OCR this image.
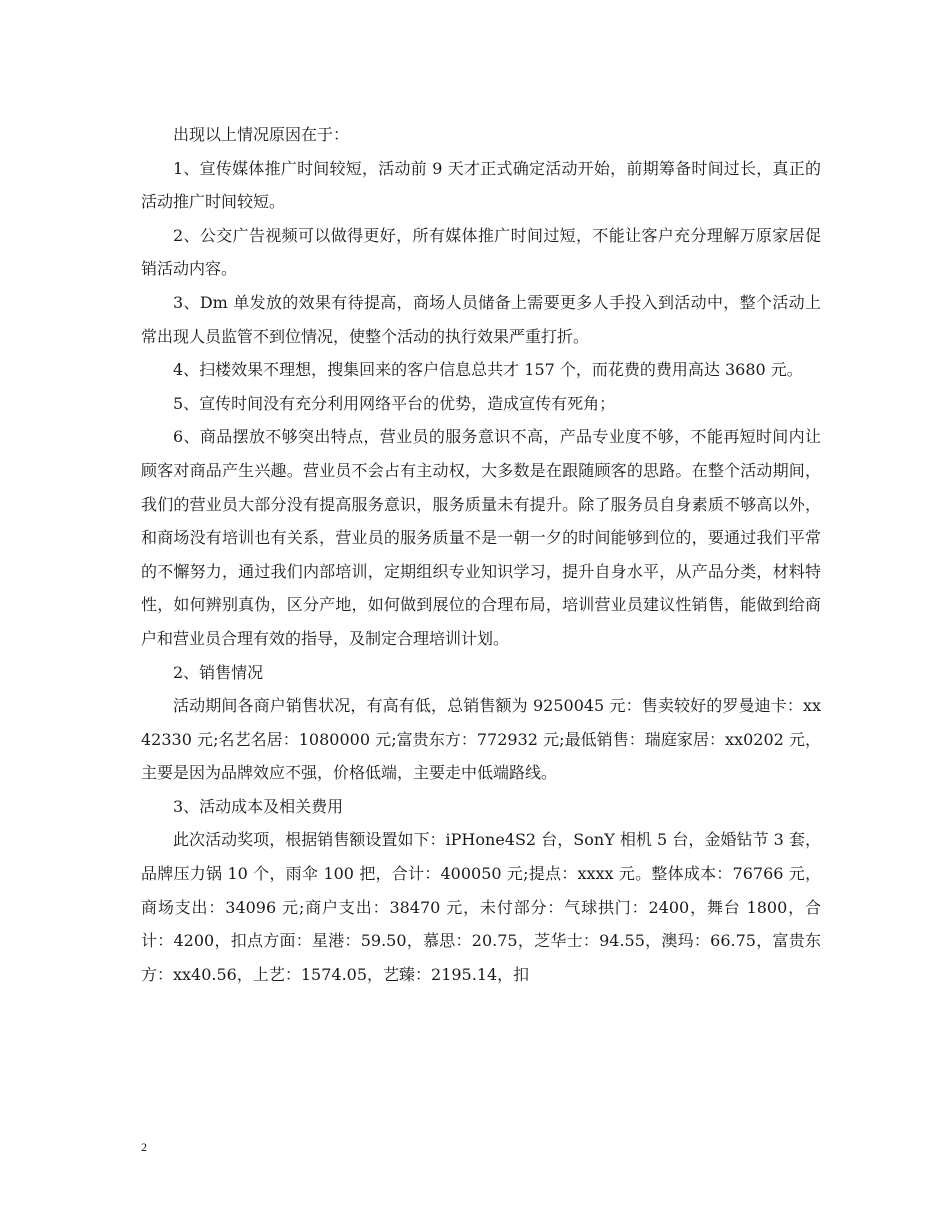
出现以上情况原因在于：

1、宣传媒体推广时间较短，活动前 9 天才正式确定活动开始，前期筹备时间过长，真正的活动推广时间较短。

2、公交广告视频可以做得更好，所有媒体推广时间过短，不能让客户充分理解万原家居促销活动内容。

3、Dm 单发放的效果有待提高，商场人员储备上需要更多人手投入到活动中，整个活动上常出现人员监管不到位情况，使整个活动的执行效果严重打折。

4、扫楼效果不理想，搜集回来的客户信息总共才 157 个，而花费的费用高达 3680 元。

5、宣传时间没有充分利用网络平台的优势，造成宣传有死角；

6、商品摆放不够突出特点，营业员的服务意识不高，产品专业度不够，不能再短时间内让顾客对商品产生兴趣。营业员不会占有主动权，大多数是在跟随顾客的思路。在整个活动期间，我们的营业员大部分没有提高服务意识，服务质量未有提升。除了服务员自身素质不够高以外，和商场没有培训也有关系，营业员的服务质量不是一朝一夕的时间能够到位的，要通过我们平常的不懈努力，通过我们内部培训，定期组织专业知识学习，提升自身水平，从产品分类，材料特性，如何辨别真伪，区分产地，如何做到展位的合理布局，培训营业员建议性销售，能做到给商户和营业员合理有效的指导，及制定合理培训计划。

2、销售情况

活动期间各商户销售状况，有高有低，总销售额为 9250045 元：售卖较好的罗曼迪卡：xx42330 元;名艺名居：1080000 元;富贵东方：772932 元;最低销售：瑞庭家居：xx0202 元，主要是因为品牌效应不强，价格低端，主要走中低端路线。

3、活动成本及相关费用

此次活动奖项，根据销售额设置如下：iPHone4S2 台，SonY 相机 5 台，金婚钻节 3 套，品牌压力锅 10 个，雨伞 100 把，合计：400050 元;提点：xxxx 元。整体成本：76766 元，商场支出：34096 元;商户支出：38470 元，未付部分：气球拱门：2400，舞台 1800，合计：4200，扣点方面：星港：59.50，慕思：20.75，芝华士：94.55，澳玛：66.75，富贵东方：xx40.56，上艺：1574.05，艺臻：2195.14，扣

2
